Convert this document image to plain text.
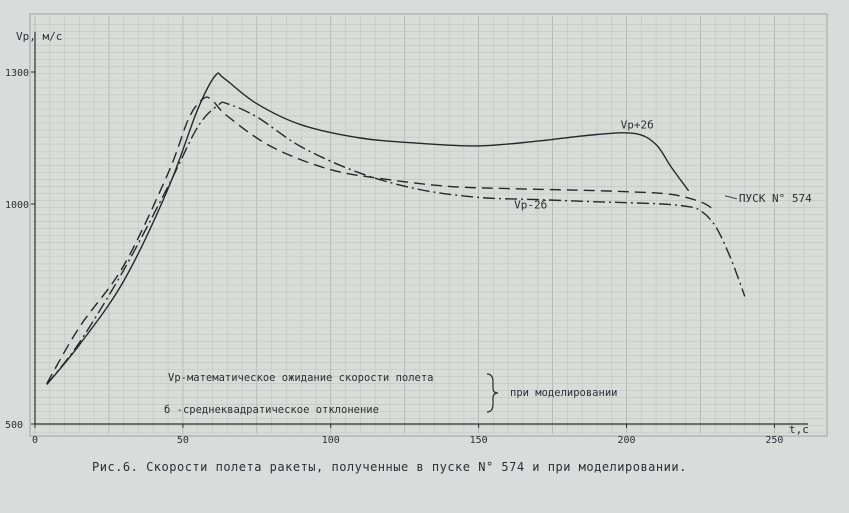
0	50	100	150	200	250
500
1000
1300
Vр, м/с
t,c
Vр+2б
Vр-2б
ПУСК N° 574
Vр-математическое ожидание скорости полета
б -среднеквадратическое отклонение
при моделировании
Рис.6. Скорости полета ракеты, полученные в пуске N° 574 и при моделировании.
